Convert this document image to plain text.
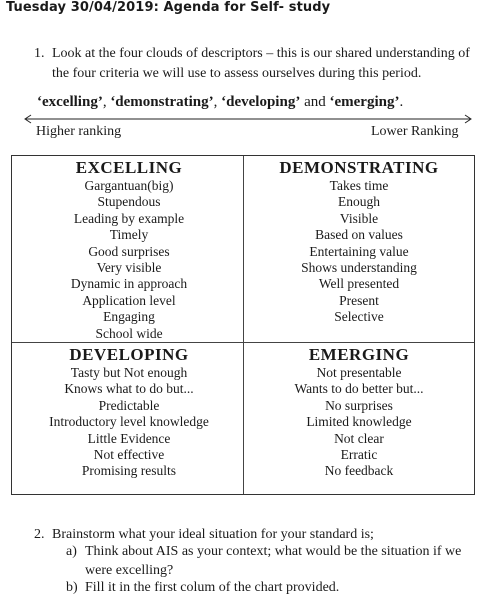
Tuesday 30/04/2019: Agenda for Self- study
1. Look at the four clouds of descriptors – this is our shared understanding of the four criteria we will use to assess ourselves during this period.
‘excelling’, ‘demonstrating’, ‘developing’ and ‘emerging’.
Higher ranking	Lower Ranking
EXCELLING
Gargantuan(big)
Stupendous
Leading by example
Timely
Good surprises
Very visible
Dynamic in approach
Application level
Engaging
School wide
DEMONSTRATING
Takes time
Enough
Visible
Based on values
Entertaining value
Shows understanding
Well presented
Present
Selective
DEVELOPING
Tasty but Not enough
Knows what to do but...
Predictable
Introductory level knowledge
Little Evidence
Not effective
Promising results
EMERGING
Not presentable
Wants to do better but...
No surprises
Limited knowledge
Not clear
Erratic
No feedback
2. Brainstorm what your ideal situation for your standard is;
a) Think about AIS as your context; what would be the situation if we were excelling?
b) Fill it in the first colum of the chart provided.
